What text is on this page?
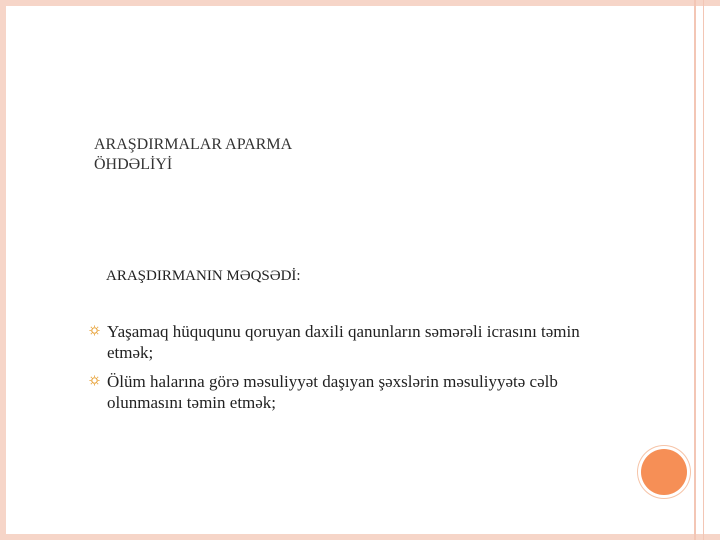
ARAŞDIRMALAR APARMA
ÖHDƏLİYİ
ARAŞDIRMANIN MƏQSƏDİ:
Yaşamaq hüququnu qoruyan daxili qanunların səmərəli icrasını təmin
etmək;
Ölüm halarına görə məsuliyyət daşıyan şəxslərin məsuliyyətə cəlb
olunmasını təmin etmək;
